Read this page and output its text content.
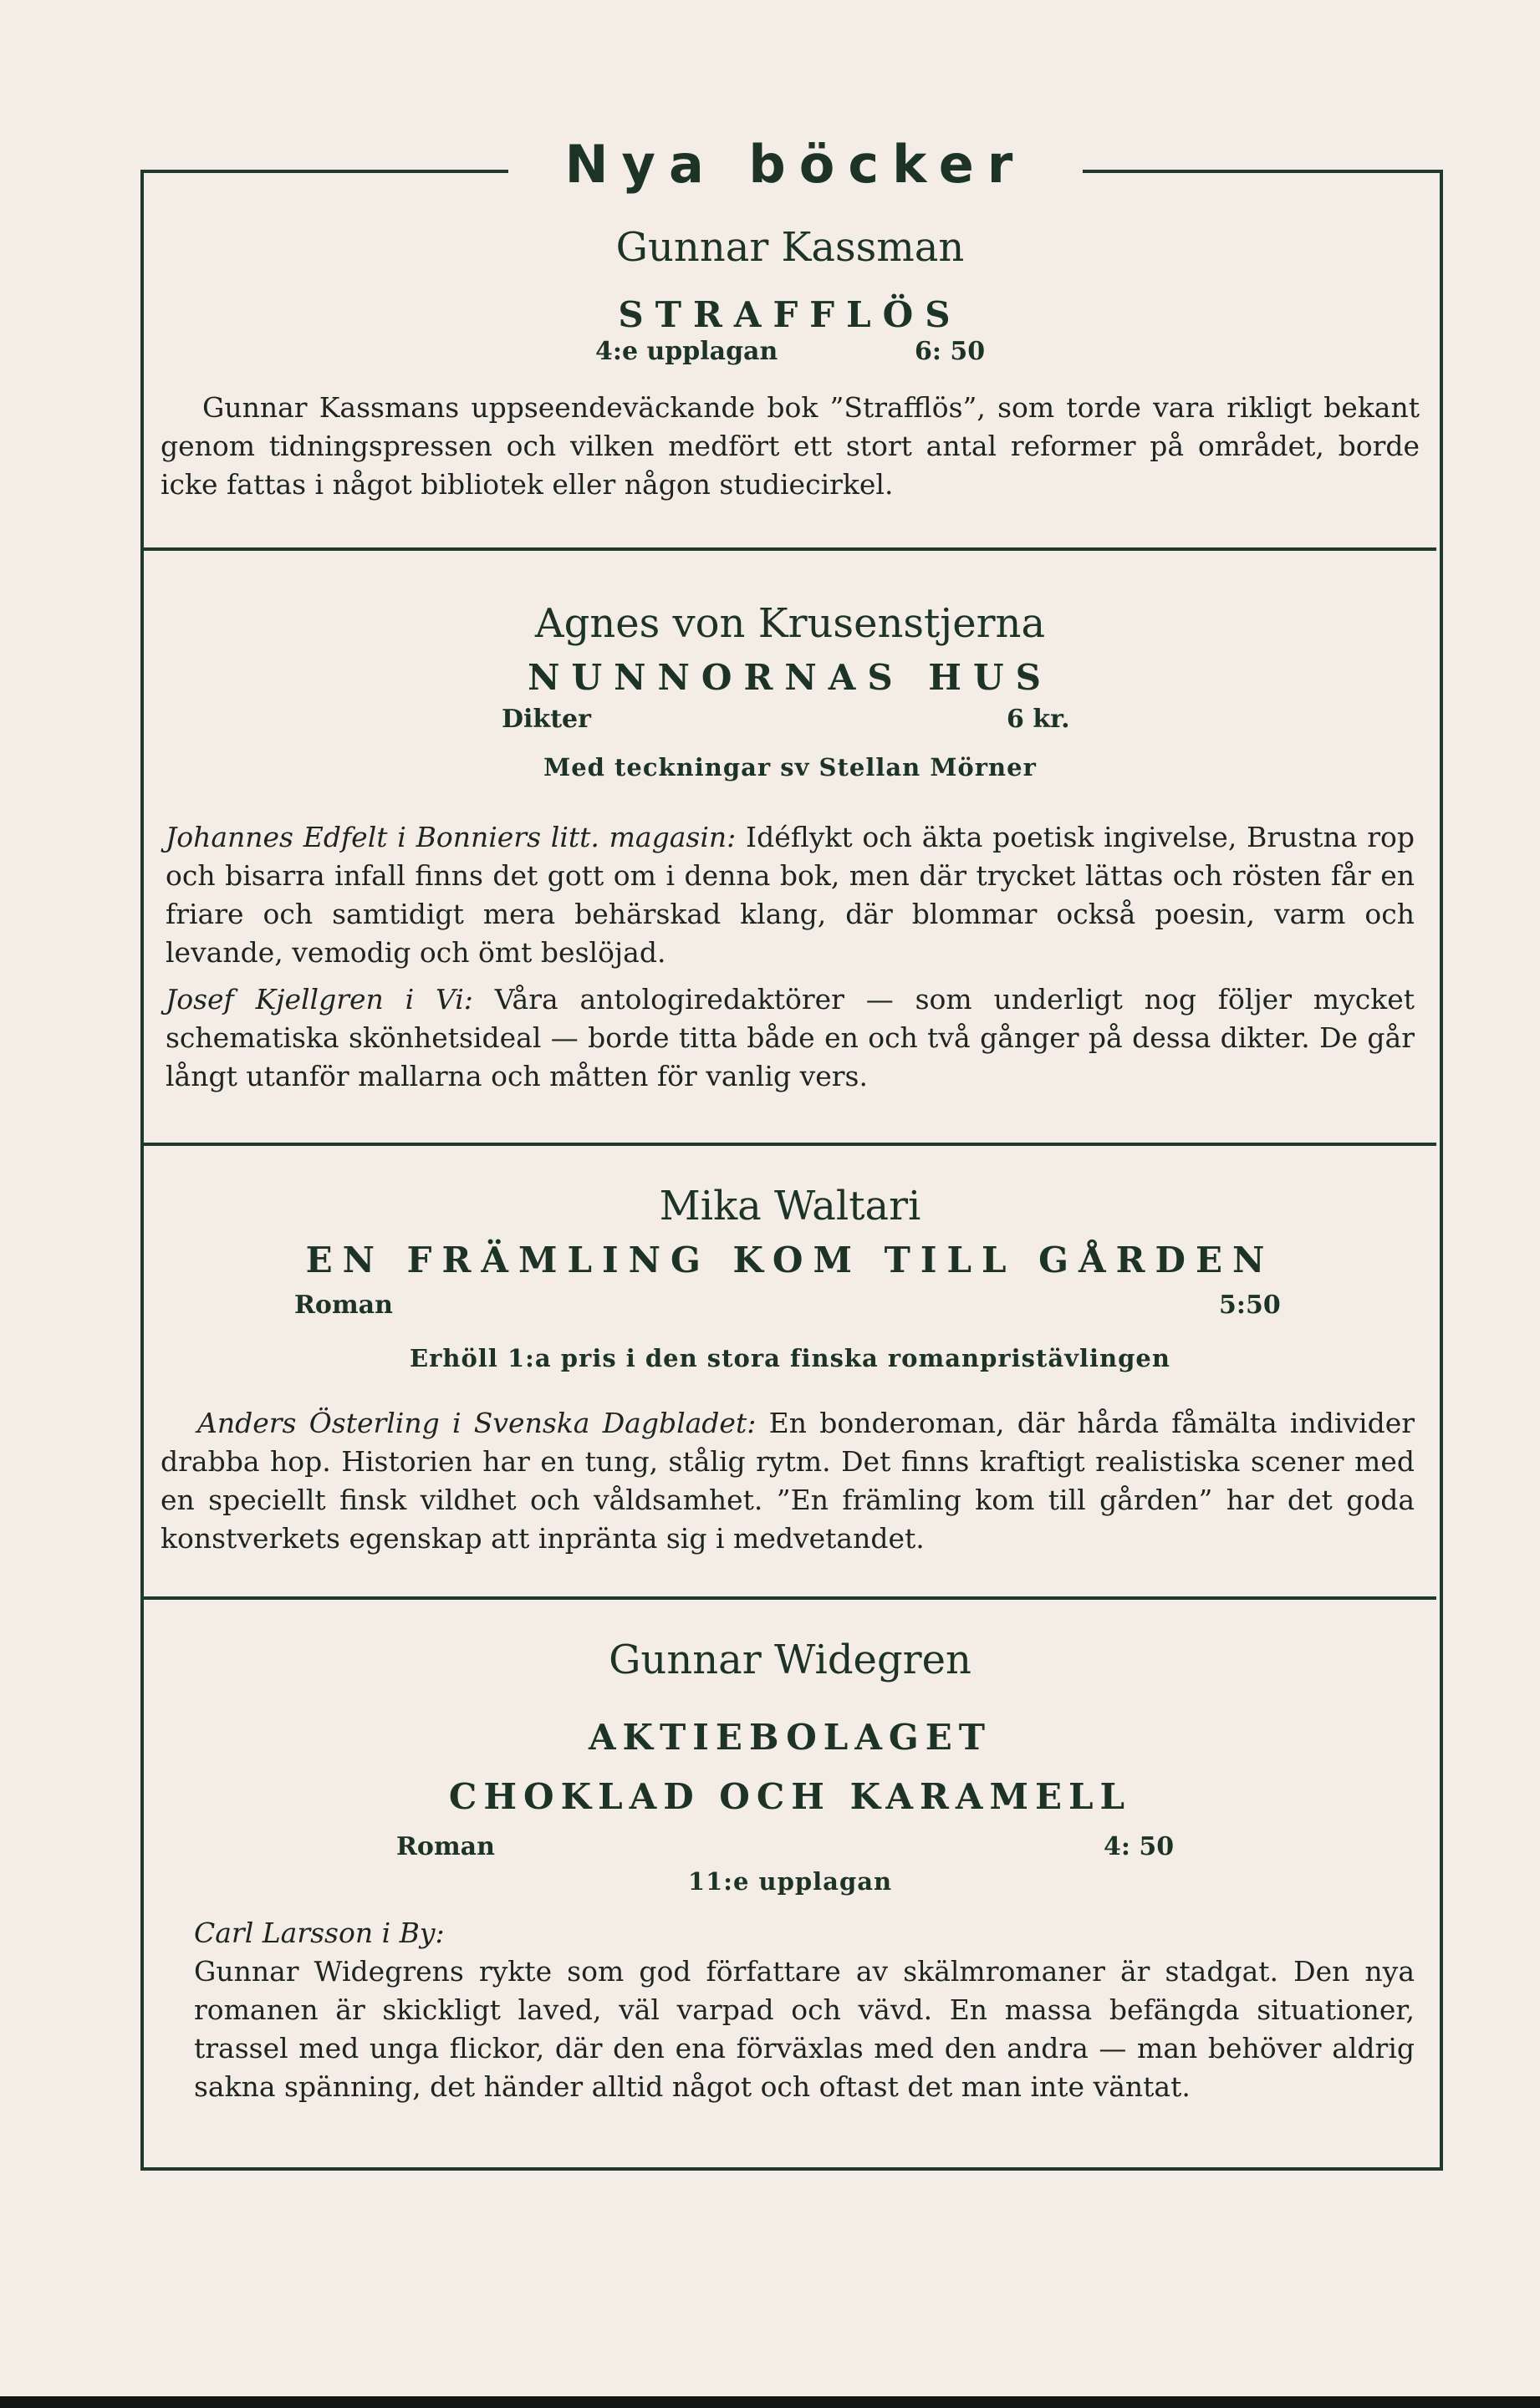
Nya böcker
Gunnar Kassman
STRAFFLÖS
4:e upplagan	6: 50

Gunnar Kassmans uppseendeväckande bok ”Strafflös”, som torde vara rikligt bekant genom tidningspressen och vilken medfört ett stort antal reformer på området, borde icke fattas i något bibliotek eller någon studiecirkel.

Agnes von Krusenstjerna
NUNNORNAS HUS
Dikter	6 kr.
Med teckningar sv Stellan Mörner

Johannes Edfelt i Bonniers litt. magasin: Idéflykt och äkta poetisk ingivelse, Brustna rop och bisarra infall finns det gott om i denna bok, men där trycket lättas och rösten får en friare och samtidigt mera behärskad klang, där blommar också poesin, varm och levande, vemodig och ömt beslöjad.

Josef Kjellgren i Vi: Våra antologiredaktörer — som underligt nog följer mycket schematiska skönhetsideal — borde titta både en och två gånger på dessa dikter. De går långt utanför mallarna och måtten för vanlig vers.

Mika Waltari
EN FRÄMLING KOM TILL GÅRDEN
Roman	5:50
Erhöll 1:a pris i den stora finska romanpristävlingen

Anders Österling i Svenska Dagbladet: En bonderoman, där hårda fåmälta individer drabba hop. Historien har en tung, stålig rytm. Det finns kraftigt realistiska scener med en speciellt finsk vildhet och våldsamhet. ”En främling kom till gården” har det goda konstverkets egenskap att inpränta sig i medvetandet.

Gunnar Widegren
AKTIEBOLAGET
CHOKLAD OCH KARAMELL
Roman	4: 50
11:e upplagan
Carl Larsson i By:

Gunnar Widegrens rykte som god författare av skälmromaner är stadgat. Den nya romanen är skickligt laved, väl varpad och vävd. En massa befängda situationer, trassel med unga flickor, där den ena förväxlas med den andra — man behöver aldrig sakna spänning, det händer alltid något och oftast det man inte väntat.
